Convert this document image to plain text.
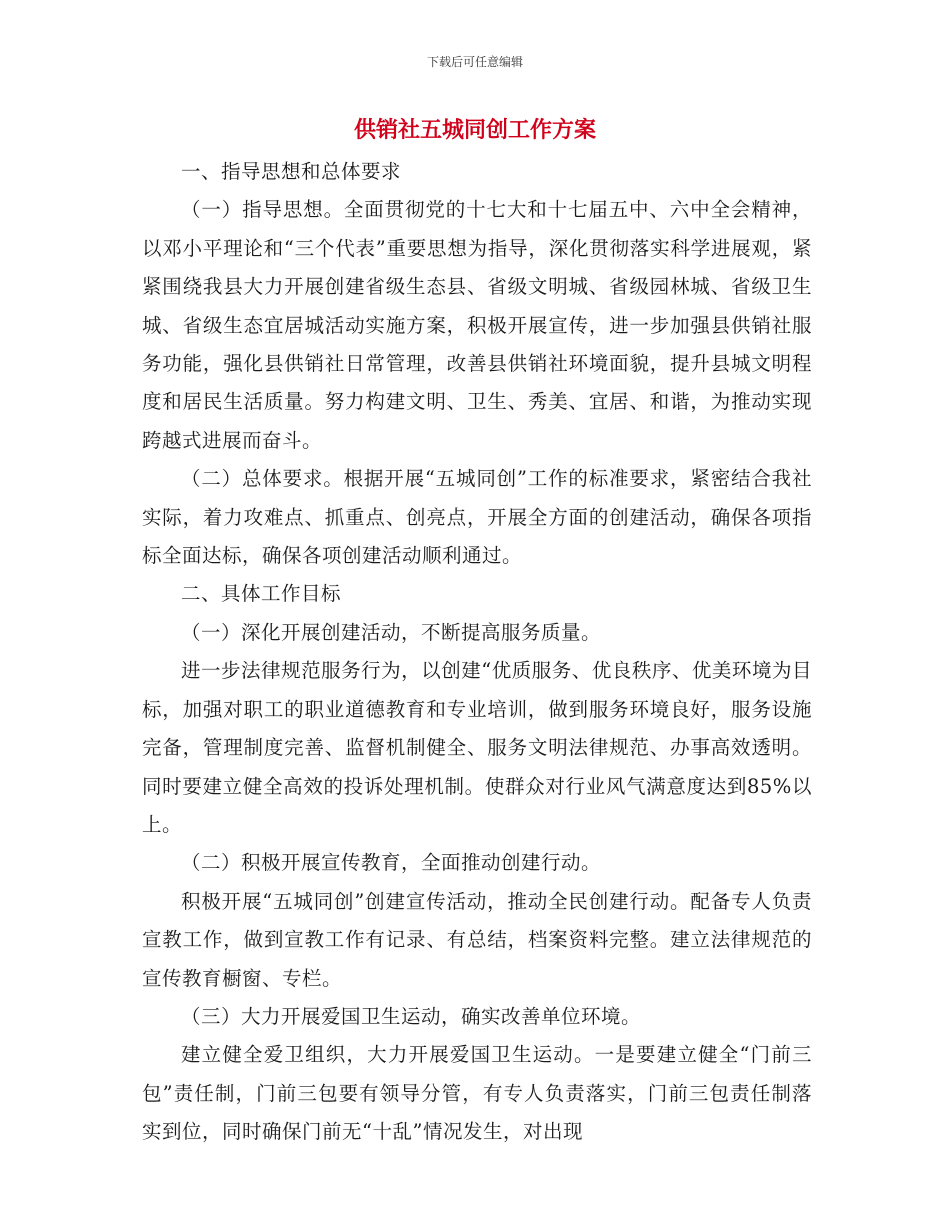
下载后可任意编辑
供销社五城同创工作方案

一、指导思想和总体要求

（一）指导思想。全面贯彻党的十七大和十七届五中、六中全会精神，以邓小平理论和“三个代表”重要思想为指导，深化贯彻落实科学进展观，紧紧围绕我县大力开展创建省级生态县、省级文明城、省级园林城、省级卫生城、省级生态宜居城活动实施方案，积极开展宣传，进一步加强县供销社服务功能，强化县供销社日常管理，改善县供销社环境面貌，提升县城文明程度和居民生活质量。努力构建文明、卫生、秀美、宜居、和谐，为推动实现跨越式进展而奋斗。

（二）总体要求。根据开展“五城同创”工作的标准要求，紧密结合我社实际，着力攻难点、抓重点、创亮点，开展全方面的创建活动，确保各项指标全面达标，确保各项创建活动顺利通过。

二、具体工作目标

（一）深化开展创建活动，不断提高服务质量。

进一步法律规范服务行为，以创建“优质服务、优良秩序、优美环境为目标，加强对职工的职业道德教育和专业培训，做到服务环境良好，服务设施完备，管理制度完善、监督机制健全、服务文明法律规范、办事高效透明。同时要建立健全高效的投诉处理机制。使群众对行业风气满意度达到85%以上。

（二）积极开展宣传教育，全面推动创建行动。

积极开展“五城同创”创建宣传活动，推动全民创建行动。配备专人负责宣教工作，做到宣教工作有记录、有总结，档案资料完整。建立法律规范的宣传教育橱窗、专栏。

（三）大力开展爱国卫生运动，确实改善单位环境。

建立健全爱卫组织，大力开展爱国卫生运动。一是要建立健全“门前三包”责任制，门前三包要有领导分管，有专人负责落实，门前三包责任制落实到位，同时确保门前无“十乱”情况发生，对出现
